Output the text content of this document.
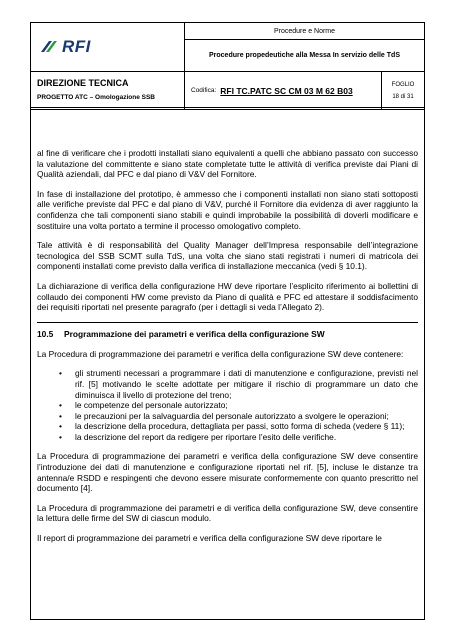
RFI
Procedure e Norme
Procedure propedeutiche alla Messa In servizio delle TdS
DIREZIONE TECNICA
PROGETTO ATC – Omologazione SSB
Codifica: RFI TC.PATC SC CM 03 M 62 B03
FOGLIO
18 di 31

al fine di verificare che i prodotti installati siano equivalenti a quelli che abbiano passato con successo la valutazione del committente e siano state completate tutte le attività di verifica previste dai Piani di Qualità aziendali, dal PFC e dal piano di V&V del Fornitore.

In fase di installazione del prototipo, è ammesso che i componenti installati non siano stati sottoposti alle verifiche previste dal PFC e dal piano di V&V, purché il Fornitore dia evidenza di aver raggiunto la confidenza che tali componenti siano stabili e quindi improbabile la possibilità di doverli modificare e sostituire una volta portato a termine il processo omologativo completo.

Tale attività è di responsabilità del Quality Manager dell’Impresa responsabile dell’integrazione tecnologica del SSB SCMT sulla TdS, una volta che siano stati registrati i numeri di matricola dei componenti installati come previsto dalla verifica di installazione meccanica (vedi § 10.1).

La dichiarazione di verifica della configurazione HW deve riportare l’esplicito riferimento ai bollettini di collaudo dei componenti HW come previsto da Piano di qualità e PFC ed attestare il soddisfacimento dei requisiti riportati nel presente paragrafo (per i dettagli si veda l’Allegato 2).

10.5 Programmazione dei parametri e verifica della configurazione SW

La Procedura di programmazione dei parametri e verifica della configurazione SW deve contenere:

• gli strumenti necessari a programmare i dati di manutenzione e configurazione, previsti nel rif. [5] motivando le scelte adottate per mitigare il rischio di programmare un dato che diminuisca il livello di protezione del treno;
• le competenze del personale autorizzato;
• le precauzioni per la salvaguardia del personale autorizzato a svolgere le operazioni;
• la descrizione della procedura, dettagliata per passi, sotto forma di scheda (vedere § 11);
• la descrizione del report da redigere per riportare l’esito delle verifiche.

La Procedura di programmazione dei parametri e verifica della configurazione SW deve consentire l’introduzione dei dati di manutenzione e configurazione riportati nel rif. [5], incluse le distanze tra antenna/e RSDD e respingenti che devono essere misurate conformemente con quanto prescritto nel documento [4].

La Procedura di programmazione dei parametri e di verifica della configurazione SW, deve consentire la lettura delle firme del SW di ciascun modulo.

Il report di programmazione dei parametri e verifica della configurazione SW deve riportare le
